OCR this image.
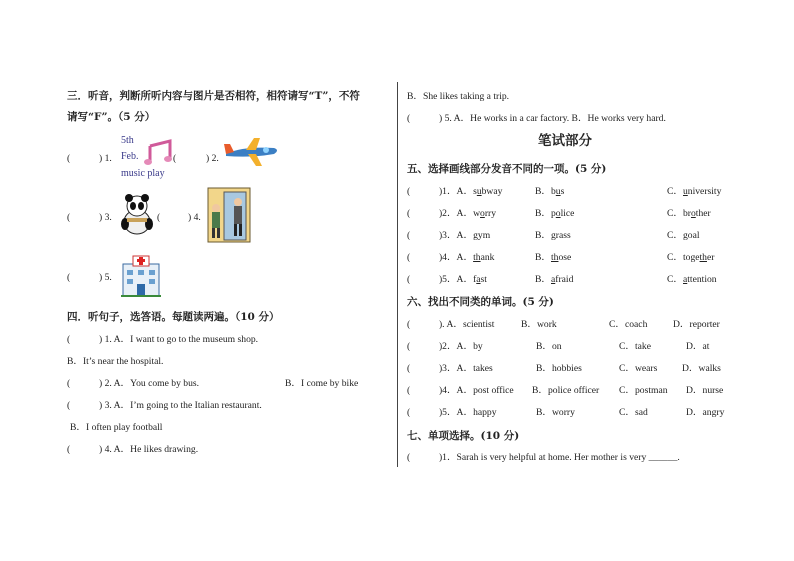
三．听音，判断所听内容与图片是否相符，相符请写“T”，不符
请写“F”。（5 分）
(　　　) 1.
5th
Feb.
music play
(	) 2.
(　　　) 3.	(	) 4.
(　　　) 5.
四．听句子，选答语。每题读两遍。（10 分）
(　　　) 1. A．I want to go to the museum shop.
B．It’s near the hospital.
(　　　) 2. A．You come by bus.	B．I come by bike
(　　　) 3. A．I’m going to the Italian restaurant.
B．I often play football
(　　　) 4. A．He likes drawing.
B．She likes taking a trip.
(　　　) 5. A．He works in a car factory. B．He works very hard.
笔试部分
五、选择画线部分发音不同的一项。(5 分)
(　　　)1．A．subway	B．bus	C．university
(　　　)2．A．worry	B．police	C．brother
(　　　)3．A．gym	B．grass	C．goal
(　　　)4．A．thank	B．those	C．together
(　　　)5．A．fast	B．afraid	C．attention
六、找出不同类的单词。(5 分)
(　　　). A．scientist	B．work	C．coach	D．reporter
(　　　)2．A．by	B．on	C．take	D．at
(　　　)3．A．takes	B．hobbies	C．wears	D．walks
(　　　)4．A．post office B．police officer C．postman D．nurse
(　　　)5．A．happy	B．worry	C．sad	D．angry
七、单项选择。(10 分)
(　　　)1．Sarah is very helpful at home. Her mother is very ______.
